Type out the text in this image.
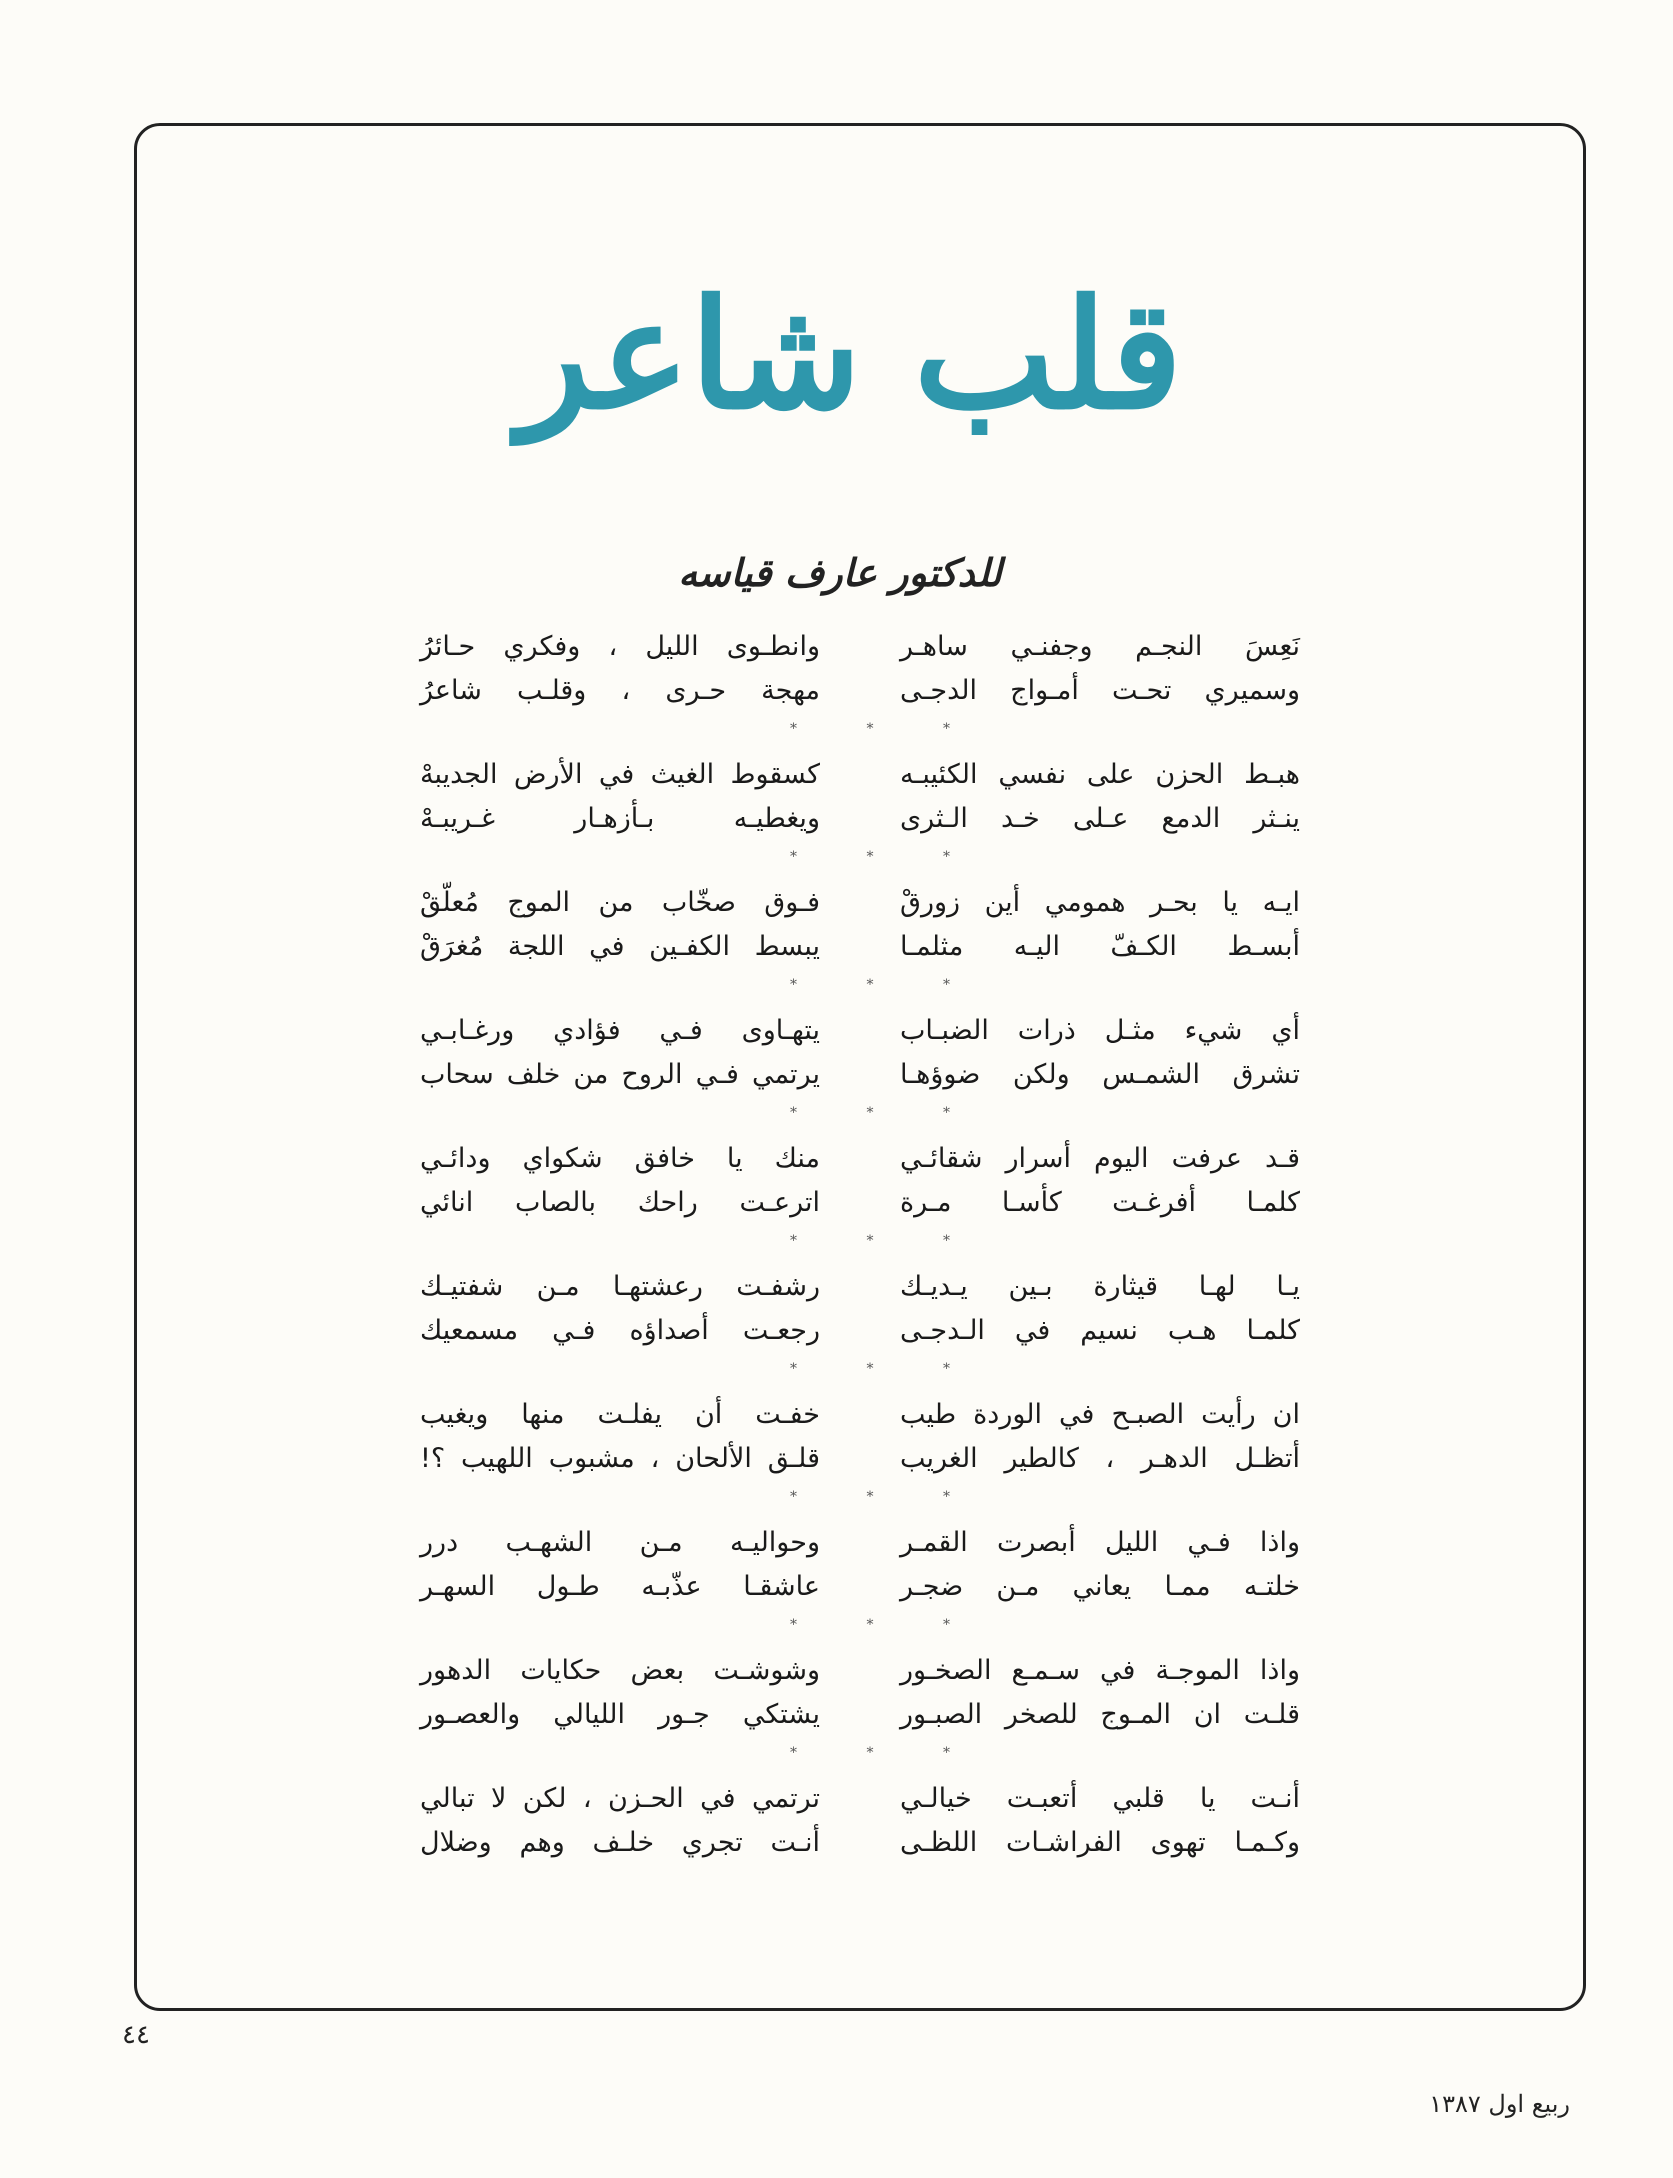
قلب شاعر
للدكتور عارف قياسه
نَعِسَ النجـم وجفنـي ساهـر
وانطـوى الليل ، وفكري حـائرُ
وسميري تحـت أمـواج الدجـى
مهجة حـرى ، وقلـب شاعرُ
*	*	*
هبـط الحزن على نفسي الكئيبـه
كسقوط الغيث في الأرض الجديبهْ
ينـثر الدمع عـلى خـد الـثرى
ويغطيـه بـأزهـار غـريبـهْ
*	*	*
ايـه يا بحـر همومي أين زورقْ
فـوق صخّاب من الموج مُعلّقْ
أبسـط الكـفّ اليـه مثلمـا
يبسط الكفـين في اللجة مُغرَقْ
*	*	*
أي شيء مثـل ذرات الضبـاب
يتهـاوى فـي فؤادي ورغـابـي
تشرق الشمـس ولكن ضوؤهـا
يرتمي فـي الروح من خلف سحاب
*	*	*
قـد عرفت اليوم أسرار شقائـي
منك يا خافق شكواي ودائـي
كلمـا أفرغـت كأسـا مـرة
اترعـت راحك بالصاب انائي
*	*	*
يـا لهـا قيثارة بـين يـديـك
رشفـت رعشتهـا مـن شفتيـك
كلمـا هـب نسيم في الـدجـى
رجعـت أصداؤه فـي مسمعيك
*	*	*
ان رأيت الصبـح في الوردة طيب
خفـت أن يفلـت منها ويغيب
أتظـل الدهـر ، كالطير الغريب
قلـق الألحان ، مشبوب اللهيب ؟!
*	*	*
واذا فـي الليل أبصرت القمـر
وحواليـه مـن الشهـب درر
خلتـه ممـا يعاني مـن ضجـر
عاشقـا عذّبـه طـول السهـر
*	*	*
واذا الموجـة في سـمـع الصخـور
وشوشـت بعض حكايات الدهور
قلـت ان المـوج للصخر الصبـور
يشتكي جـور الليالي والعصـور
*	*	*
أنـت يا قلبي أتعبـت خيالـي
ترتمي في الحـزن ، لكن لا تبالي
وكـمـا تهوى الفراشـات اللظـى
أنـت تجري خلـف وهم وضلال
٤٤
ربيع اول ١٣٨٧
